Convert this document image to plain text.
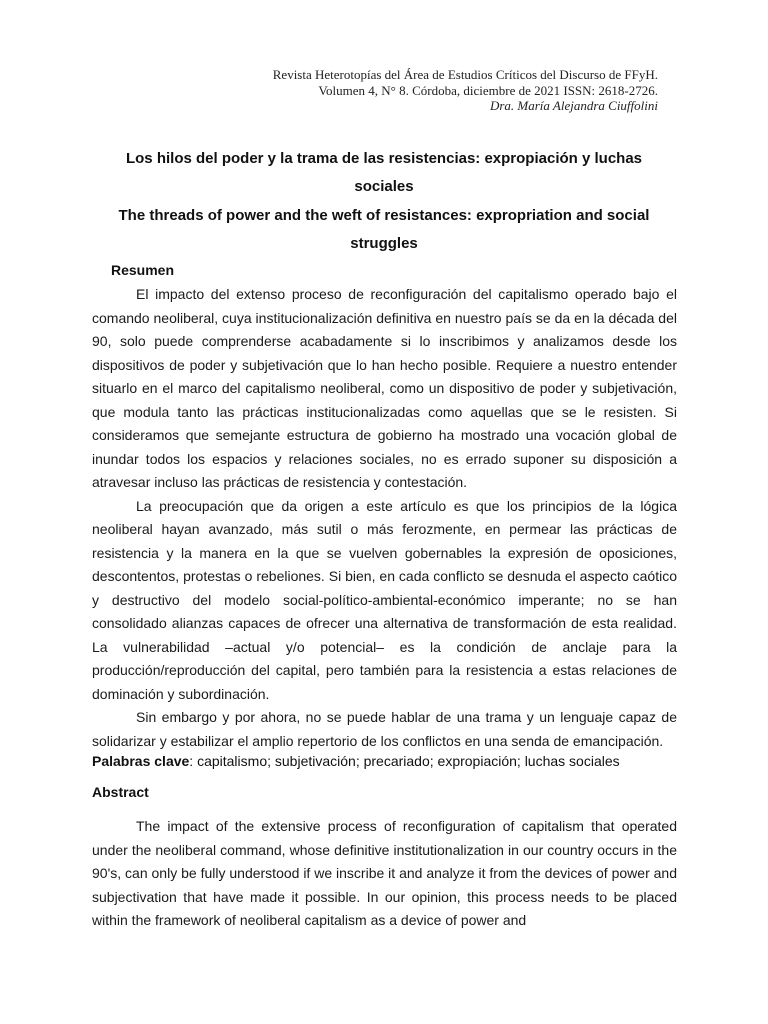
Revista Heterotopías del Área de Estudios Críticos del Discurso de FFyH.
Volumen 4, N° 8. Córdoba, diciembre de 2021 ISSN: 2618-2726.
Dra. María Alejandra Ciuffolini
Los hilos del poder y la trama de las resistencias: expropiación y luchas sociales
The threads of power and the weft of resistances: expropriation and social struggles
Resumen

El impacto del extenso proceso de reconfiguración del capitalismo operado bajo el comando neoliberal, cuya institucionalización definitiva en nuestro país se da en la década del 90, solo puede comprenderse acabadamente si lo inscribimos y analizamos desde los dispositivos de poder y subjetivación que lo han hecho posible. Requiere a nuestro entender situarlo en el marco del capitalismo neoliberal, como un dispositivo de poder y subjetivación, que modula tanto las prácticas institucionalizadas como aquellas que se le resisten. Si consideramos que semejante estructura de gobierno ha mostrado una vocación global de inundar todos los espacios y relaciones sociales, no es errado suponer su disposición a atravesar incluso las prácticas de resistencia y contestación.

La preocupación que da origen a este artículo es que los principios de la lógica neoliberal hayan avanzado, más sutil o más ferozmente, en permear las prácticas de resistencia y la manera en la que se vuelven gobernables la expresión de oposiciones, descontentos, protestas o rebeliones. Si bien, en cada conflicto se desnuda el aspecto caótico y destructivo del modelo social-político-ambiental-económico imperante; no se han consolidado alianzas capaces de ofrecer una alternativa de transformación de esta realidad. La vulnerabilidad –actual y/o potencial– es la condición de anclaje para la producción/reproducción del capital, pero también para la resistencia a estas relaciones de dominación y subordinación.

Sin embargo y por ahora, no se puede hablar de una trama y un lenguaje capaz de solidarizar y estabilizar el amplio repertorio de los conflictos en una senda de emancipación.

Palabras clave: capitalismo; subjetivación; precariado; expropiación; luchas sociales
Abstract

The impact of the extensive process of reconfiguration of capitalism that operated under the neoliberal command, whose definitive institutionalization in our country occurs in the 90's, can only be fully understood if we inscribe it and analyze it from the devices of power and subjectivation that have made it possible. In our opinion, this process needs to be placed within the framework of neoliberal capitalism as a device of power and
